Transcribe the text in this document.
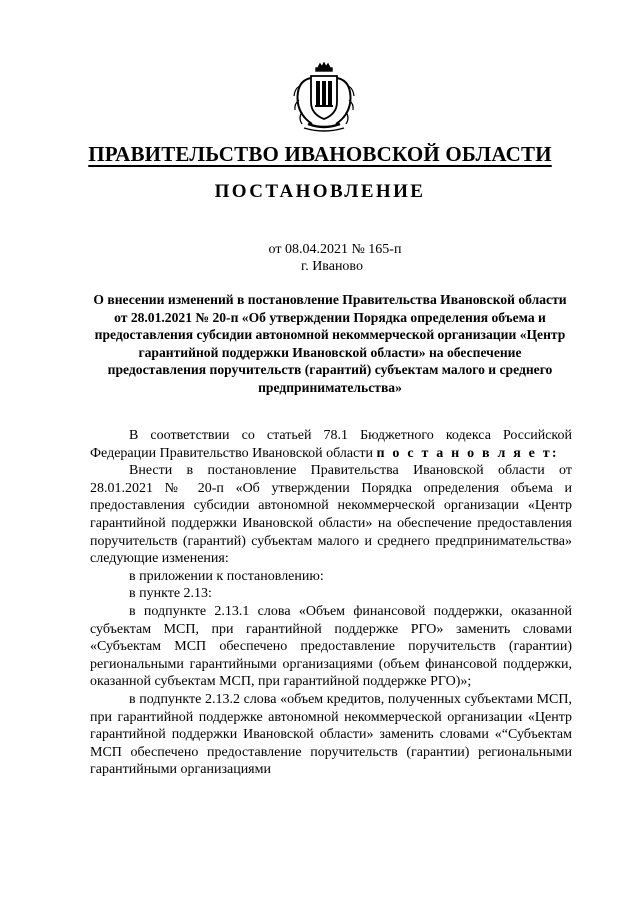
ПРАВИТЕЛЬСТВО ИВАНОВСКОЙ ОБЛАСТИ
ПОСТАНОВЛЕНИЕ
от 08.04.2021 № 165-п
г. Иваново
О внесении изменений в постановление Правительства Ивановской области от 28.01.2021 № 20-п «Об утверждении Порядка определения объема и предоставления субсидии автономной некоммерческой организации «Центр гарантийной поддержки Ивановской области» на обеспечение предоставления поручительств (гарантий) субъектам малого и среднего предпринимательства»

В соответствии со статьей 78.1 Бюджетного кодекса Российской Федерации Правительство Ивановской области п о с т а н о в л я е т:

Внести в постановление Правительства Ивановской области от 28.01.2021 № 20-п «Об утверждении Порядка определения объема и предоставления субсидии автономной некоммерческой организации «Центр гарантийной поддержки Ивановской области» на обеспечение предоставления поручительств (гарантий) субъектам малого и среднего предпринимательства» следующие изменения:

в приложении к постановлению:

в пункте 2.13:

в подпункте 2.13.1 слова «Объем финансовой поддержки, оказанной субъектам МСП, при гарантийной поддержке РГО» заменить словами «Субъектам МСП обеспечено предоставление поручительств (гарантии) региональными гарантийными организациями (объем финансовой поддержки, оказанной субъектам МСП, при гарантийной поддержке РГО)»;

в подпункте 2.13.2 слова «объем кредитов, полученных субъектами МСП, при гарантийной поддержке автономной некоммерческой организации «Центр гарантийной поддержки Ивановской области» заменить словами «“Субъектам МСП обеспечено предоставление поручительств (гарантии) региональными гарантийными организациями
